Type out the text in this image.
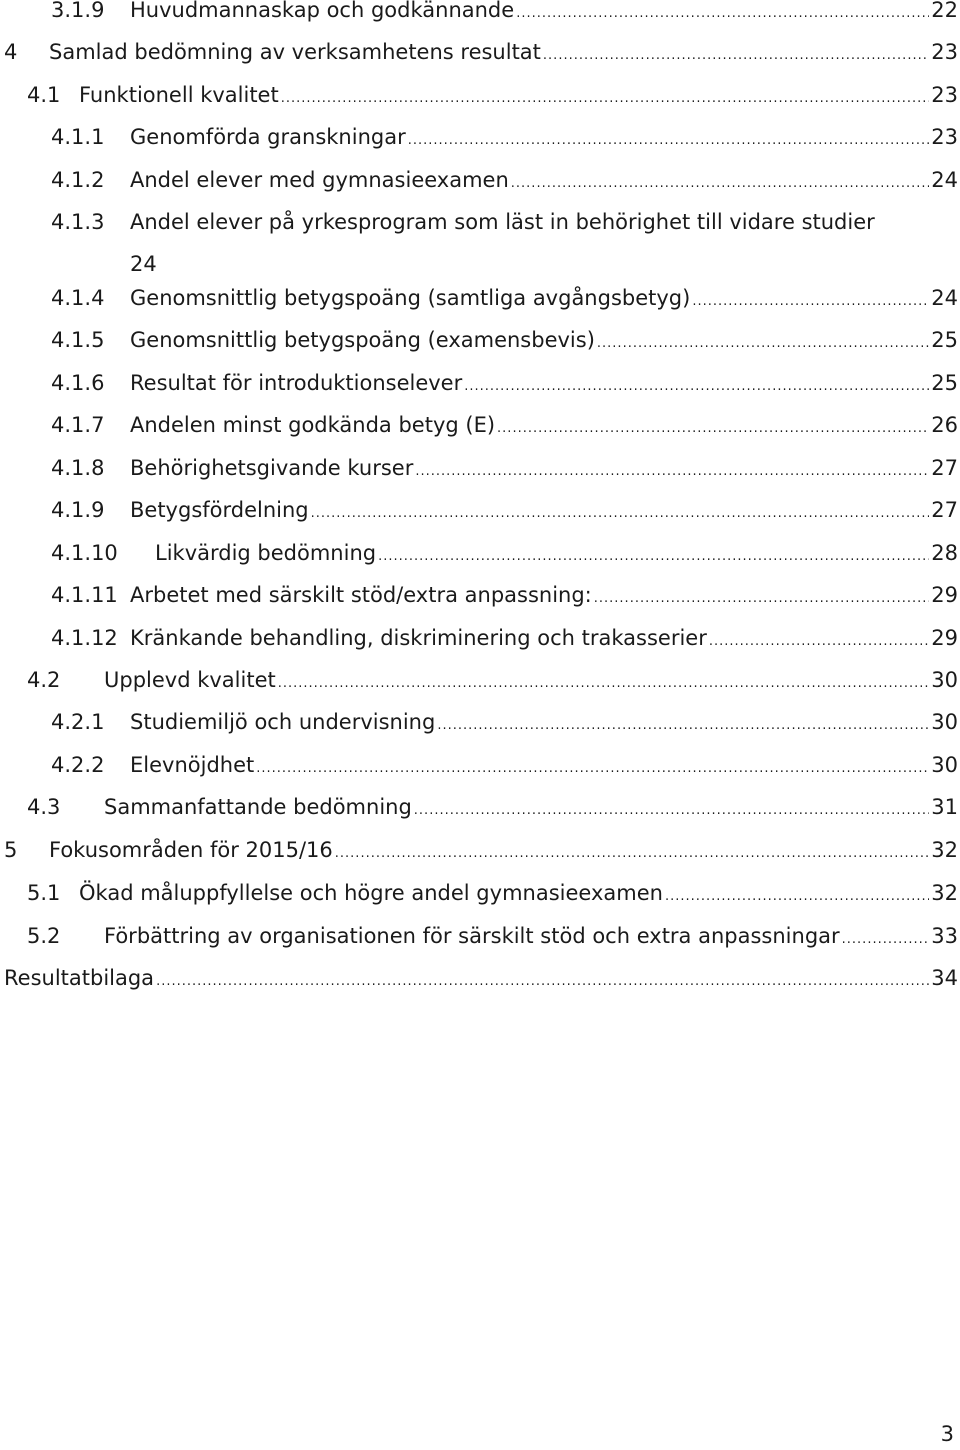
3.1.9 Huvudmannaskap och godkännande .....	22
4 Samlad bedömning av verksamhetens resultat .....	23
4.1 Funktionell kvalitet .....	23
4.1.1 Genomförda granskningar .....	23
4.1.2 Andel elever med gymnasieexamen .....	24
4.1.3 Andel elever på yrkesprogram som läst in behörighet till vidare studier
24
4.1.4 Genomsnittlig betygspoäng (samtliga avgångsbetyg) .....	24
4.1.5 Genomsnittlig betygspoäng (examensbevis) .....	25
4.1.6 Resultat för introduktionselever .....	25
4.1.7 Andelen minst godkända betyg (E) .....	26
4.1.8 Behörighetsgivande kurser .....	27
4.1.9 Betygsfördelning .....	27
4.1.10 Likvärdig bedömning .....	28
4.1.11 Arbetet med särskilt stöd/extra anpassning: .....	29
4.1.12 Kränkande behandling, diskriminering och trakasserier .....	29
4.2 Upplevd kvalitet .....	30
4.2.1 Studiemiljö och undervisning .....	30
4.2.2 Elevnöjdhet .....	30
4.3 Sammanfattande bedömning .....	31
5 Fokusområden för 2015/16 .....	32
5.1 Ökad måluppfyllelse och högre andel gymnasieexamen .....	32
5.2 Förbättring av organisationen för särskilt stöd och extra anpassningar .....	33
Resultatbilaga .....	34
3
